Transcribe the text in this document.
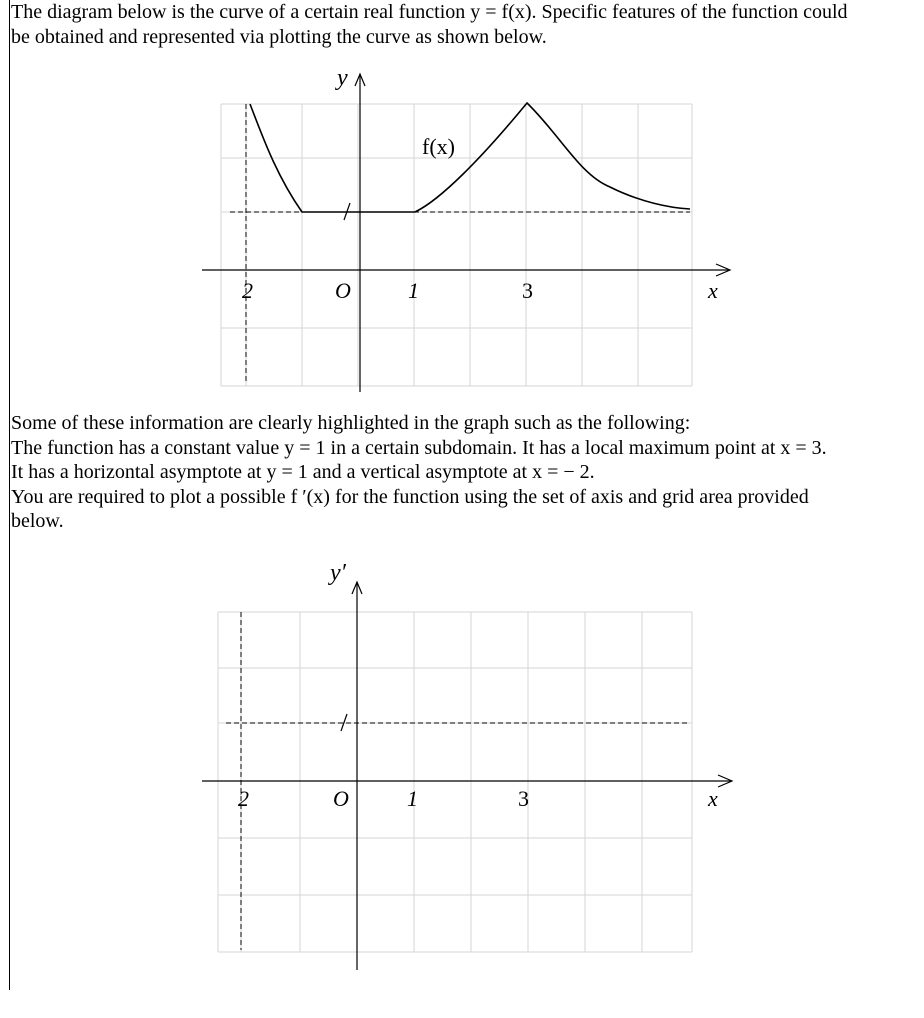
The diagram below is the curve of a certain real function y = f(x). Specific features of the function could
be obtained and represented via plotting the curve as shown below.

y
f(x)
2	O	1	3	x

Some of these information are clearly highlighted in the graph such as the following:
The function has a constant value y = 1 in a certain subdomain. It has a local maximum point at x = 3.
It has a horizontal asymptote at y = 1 and a vertical asymptote at x = − 2.
You are required to plot a possible f ′(x) for the function using the set of axis and grid area provided
below.

y′
2	O	1	3	x
